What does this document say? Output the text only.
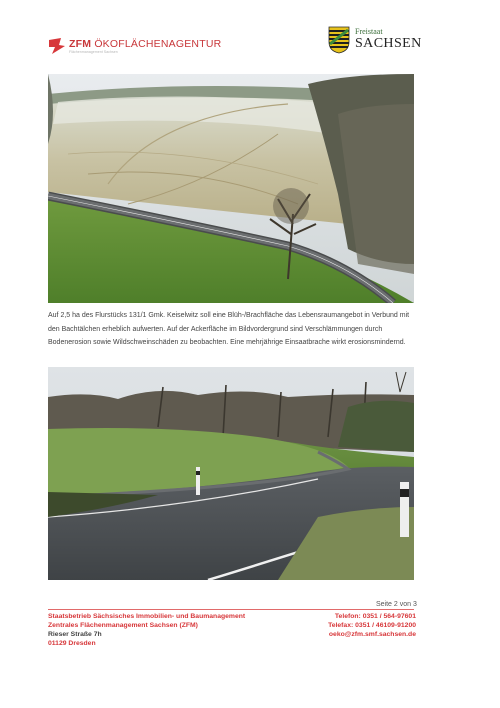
ZFM ÖKOFLÄCHENAGENTUR
Flächenmanagement Sachsen
Freistaat
SACHSEN
Auf 2,5 ha des Flurstücks 131/1 Gmk. Keiselwitz soll eine Blüh-/Brachfläche das Lebensraumangebot in Verbund mit den Bachtälchen erheblich aufwerten. Auf der Ackerfläche im Bildvordergrund sind Verschlämmungen durch Bodenerosion sowie Wildschweinschäden zu beobachten. Eine mehrjährige Einsaatbrache wirkt erosionsmindernd.
Seite 2 von 3
Staatsbetrieb Sächsisches Immobilien- und Baumanagement
Zentrales Flächenmanagement Sachsen (ZFM)
Rieser Straße 7h
01129 Dresden
Telefon: 0351 / 564-97601
Telefax: 0351 / 46109-91200
oeko@zfm.smf.sachsen.de
